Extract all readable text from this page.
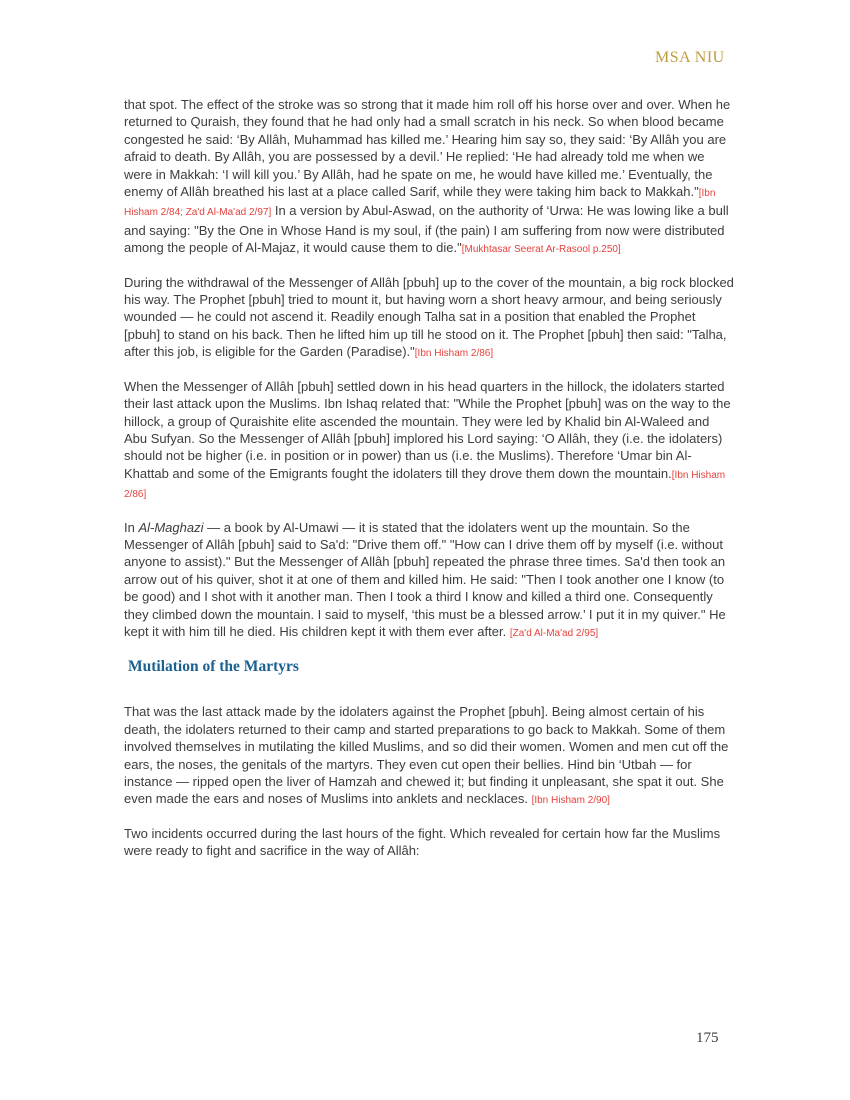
MSA NIU

that spot. The effect of the stroke was so strong that it made him roll off his horse over and over. When he returned to Quraish, they found that he had only had a small scratch in his neck. So when blood became congested he said: ‘By Allâh, Muhammad has killed me.’ Hearing him say so, they said: ‘By Allâh you are afraid to death. By Allâh, you are possessed by a devil.’ He replied: ‘He had already told me when we were in Makkah: ‘I will kill you.’ By Allâh, had he spate on me, he would have killed me.’ Eventually, the enemy of Allâh breathed his last at a place called Sarif, while they were taking him back to Makkah."[Ibn Hisham 2/84; Za'd Al-Ma'ad 2/97] In a version by Abul-Aswad, on the authority of ‘Urwa: He was lowing like a bull and saying: "By the One in Whose Hand is my soul, if (the pain) I am suffering from now were distributed among the people of Al-Majaz, it would cause them to die."[Mukhtasar Seerat Ar-Rasool p.250]

During the withdrawal of the Messenger of Allâh [pbuh] up to the cover of the mountain, a big rock blocked his way. The Prophet [pbuh] tried to mount it, but having worn a short heavy armour, and being seriously wounded — he could not ascend it. Readily enough Talha sat in a position that enabled the Prophet [pbuh] to stand on his back. Then he lifted him up till he stood on it. The Prophet [pbuh] then said: "Talha, after this job, is eligible for the Garden (Paradise)."[Ibn Hisham 2/86]

When the Messenger of Allâh [pbuh] settled down in his head quarters in the hillock, the idolaters started their last attack upon the Muslims. Ibn Ishaq related that: "While the Prophet [pbuh] was on the way to the hillock, a group of Quraishite elite ascended the mountain. They were led by Khalid bin Al-Waleed and Abu Sufyan. So the Messenger of Allâh [pbuh] implored his Lord saying: ‘O Allâh, they (i.e. the idolaters) should not be higher (i.e. in position or in power) than us (i.e. the Muslims). Therefore ‘Umar bin Al-Khattab and some of the Emigrants fought the idolaters till they drove them down the mountain.[Ibn Hisham 2/86]

In Al-Maghazi — a book by Al-Umawi — it is stated that the idolaters went up the mountain. So the Messenger of Allâh [pbuh] said to Sa'd: "Drive them off." "How can I drive them off by myself (i.e. without anyone to assist)." But the Messenger of Allâh [pbuh] repeated the phrase three times. Sa'd then took an arrow out of his quiver, shot it at one of them and killed him. He said: "Then I took another one I know (to be good) and I shot with it another man. Then I took a third I know and killed a third one. Consequently they climbed down the mountain. I said to myself, ‘this must be a blessed arrow.’ I put it in my quiver." He kept it with him till he died. His children kept it with them ever after. [Za'd Al-Ma'ad 2/95]

Mutilation of the Martyrs

That was the last attack made by the idolaters against the Prophet [pbuh]. Being almost certain of his death, the idolaters returned to their camp and started preparations to go back to Makkah. Some of them involved themselves in mutilating the killed Muslims, and so did their women. Women and men cut off the ears, the noses, the genitals of the martyrs. They even cut open their bellies. Hind bin ‘Utbah — for instance — ripped open the liver of Hamzah and chewed it; but finding it unpleasant, she spat it out. She even made the ears and noses of Muslims into anklets and necklaces. [Ibn Hisham 2/90]

Two incidents occurred during the last hours of the fight. Which revealed for certain how far the Muslims were ready to fight and sacrifice in the way of Allâh:

175
